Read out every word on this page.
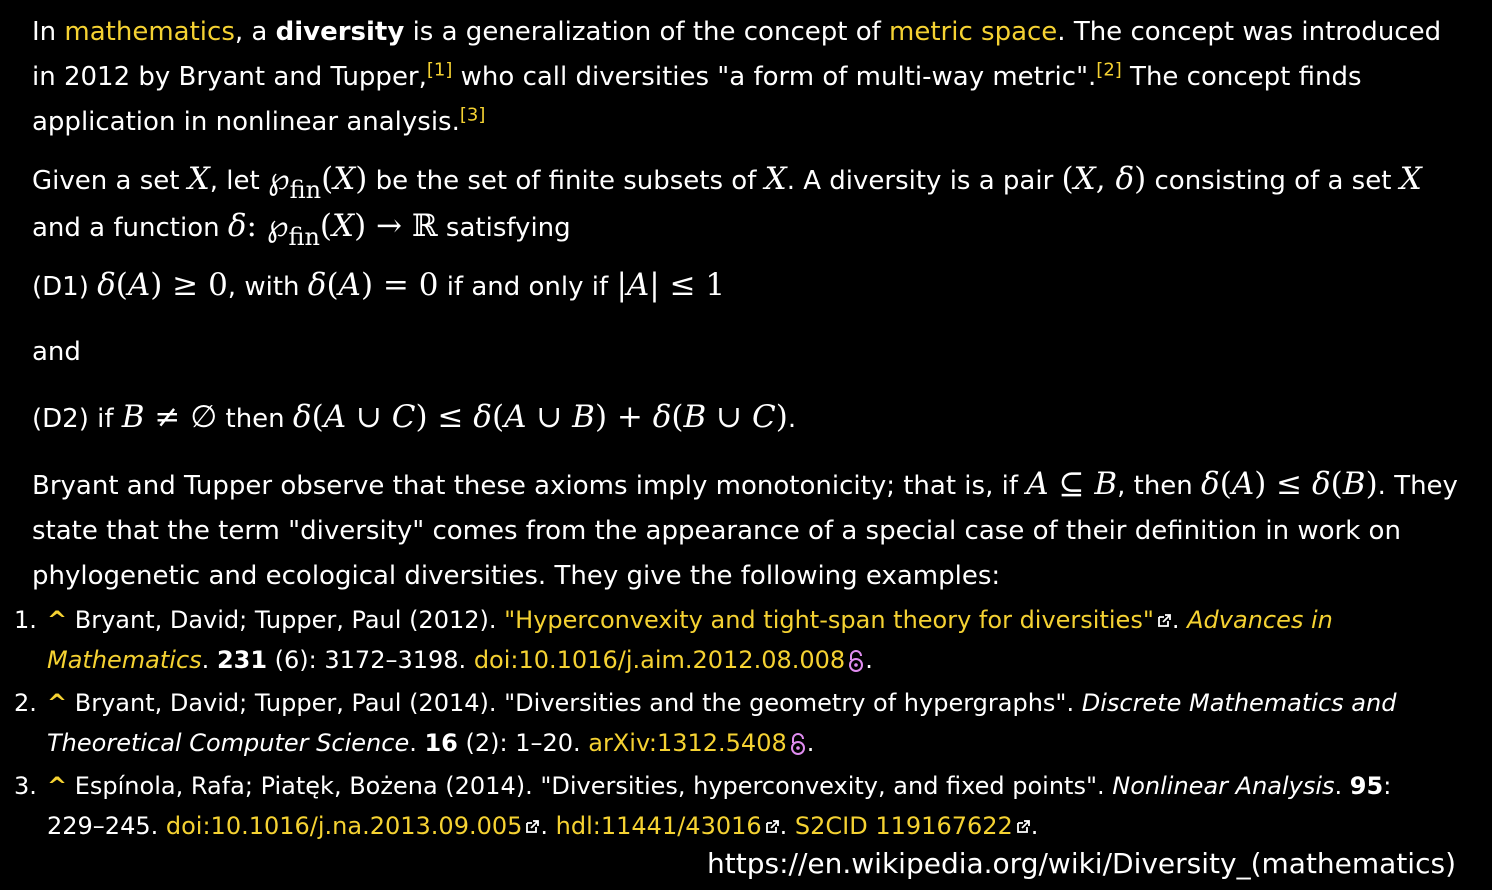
In mathematics, a diversity is a generalization of the concept of metric space. The concept was introduced in 2012 by Bryant and Tupper,[1] who call diversities "a form of multi-way metric".[2] The concept finds application in nonlinear analysis.[3]

Given a set X, let $℘_{fin}(X)$ be the set of finite subsets of X. A diversity is a pair (X, δ) consisting of a set X and a function δ: $℘_{fin}(X)$ → ℝ satisfying

(D1) δ(A) ≥ 0, with δ(A) = 0 if and only if |A| ≤ 1

and

(D2) if B ≠ ∅ then δ(A ∪ C) ≤ δ(A ∪ B) + δ(B ∪ C).

Bryant and Tupper observe that these axioms imply monotonicity; that is, if A ⊆ B, then δ(A) ≤ δ(B). They state that the term "diversity" comes from the appearance of a special case of their definition in work on phylogenetic and ecological diversities. They give the following examples:

1. ^ Bryant, David; Tupper, Paul (2012). "Hyperconvexity and tight-span theory for diversities" . Advances in Mathematics. 231 (6): 3172–3198. doi:10.1016/j.aim.2012.08.008 .
2. ^ Bryant, David; Tupper, Paul (2014). "Diversities and the geometry of hypergraphs". Discrete Mathematics and Theoretical Computer Science. 16 (2): 1–20. arXiv:1312.5408 .
3. ^ Espínola, Rafa; Piatęk, Bożena (2014). "Diversities, hyperconvexity, and fixed points". Nonlinear Analysis. 95: 229–245. doi:10.1016/j.na.2013.09.005 . hdl:11441/43016 . S2CID 119167622 .
https://en.wikipedia.org/wiki/Diversity_(mathematics)
